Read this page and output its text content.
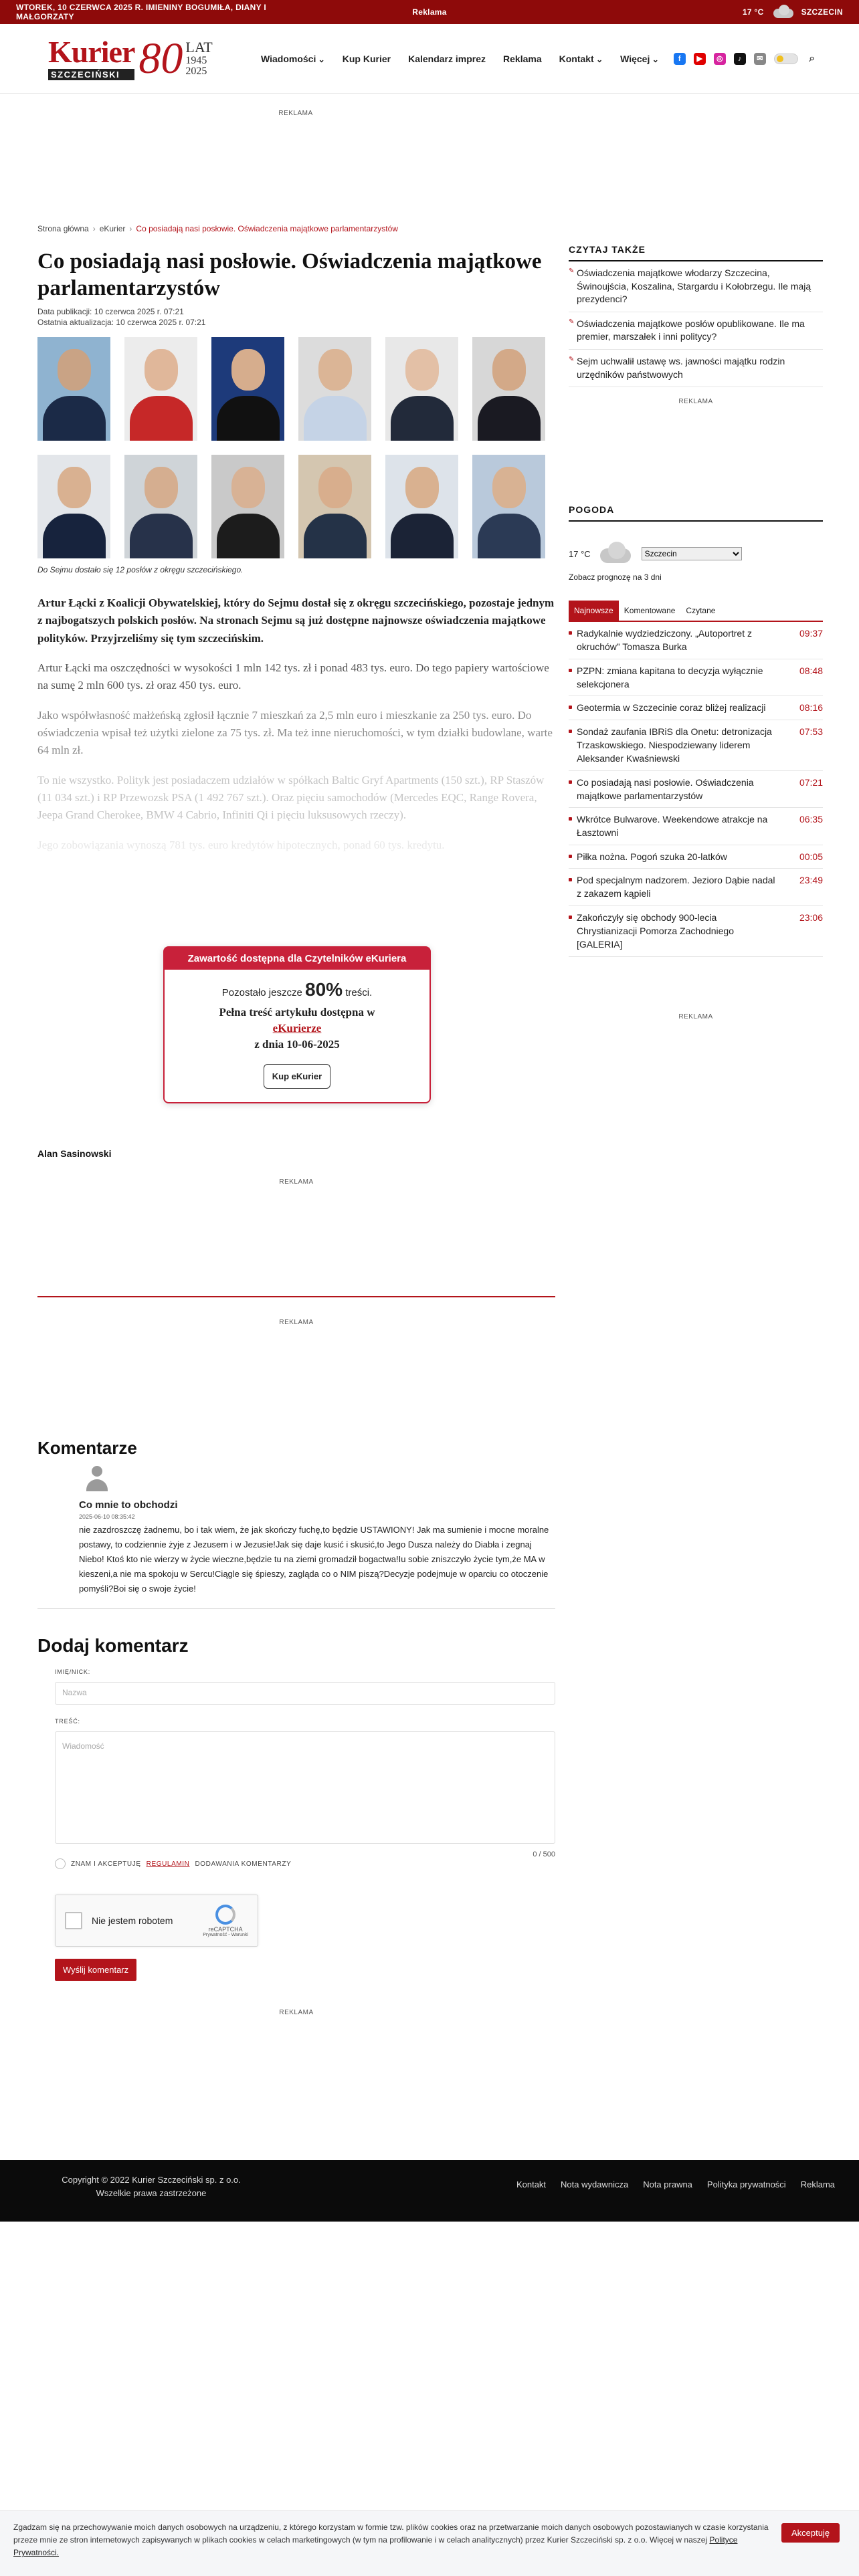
WTOREK, 10 CZERWCA 2025 R. IMIENINY BOGUMIŁA, DIANY I MAŁGORZATY	Reklama	17 °C	SZCZECIN
Kurier
SZCZECIŃSKI 80 LAT
1945
2025
Wiadomości ⌄	Kup Kurier Kalendarz imprez Reklama Kontakt ⌄	Więcej ⌄	f	▶	◎	♪	✉	⌕
REKLAMA
Strona główna › eKurier › Co posiadają nasi posłowie. Oświadczenia majątkowe parlamentarzystów
Co posiadają nasi posłowie. Oświadczenia majątkowe parlamentarzystów
Data publikacji: 10 czerwca 2025 r. 07:21
Ostatnia aktualizacja: 10 czerwca 2025 r. 07:21
Do Sejmu dostało się 12 posłów z okręgu szczecińskiego.

Artur Łącki z Koalicji Obywatelskiej, który do Sejmu dostał się z okręgu szczecińskiego, pozostaje jednym z najbogatszych polskich posłów. Na stronach Sejmu są już dostępne najnowsze oświadczenia majątkowe polityków. Przyjrzeliśmy się tym szczecińskim.

Artur Łącki ma oszczędności w wysokości 1 mln 142 tys. zł i ponad 483 tys. euro. Do tego papiery wartościowe na sumę 2 mln 600 tys. zł oraz 450 tys. euro.

Jako współwłasność małżeńską zgłosił łącznie 7 mieszkań za 2,5 mln euro i mieszkanie za 250 tys. euro. Do oświadczenia wpisał też użytki zielone za 75 tys. zł. Ma też inne nieruchomości, w tym działki budowlane, warte 64 mln zł.

To nie wszystko. Polityk jest posiadaczem udziałów w spółkach Baltic Gryf Apartments (150 szt.), RP Staszów (11 034 szt.) i RP Przewozsk PSA (1 492 767 szt.). Oraz pięciu samochodów (Mercedes EQC, Range Rovera, Jeepa Grand Cherokee, BMW 4 Cabrio, Infiniti Qi i pięciu luksusowych rzeczy).

Jego zobowiązania wynoszą 781 tys. euro kredytów hipotecznych, ponad 60 tys. kredytu.

Zawartość dostępna dla Czytelników eKuriera
Pozostało jeszcze 80% treści.
Pełna treść artykułu dostępna w
eKurierze
z dnia 10-06-2025
Kup eKurier
Alan Sasinowski
REKLAMA
REKLAMA
Komentarze
Co mnie to obchodzi
2025-06-10 08:35:42
nie zazdroszczę żadnemu, bo i tak wiem, że jak skończy fuchę,to będzie USTAWIONY! Jak ma sumienie i mocne moralne postawy, to codziennie żyje z Jezusem i w Jezusie!Jak się daje kusić i skusić,to Jego Dusza należy do Diabła i zegnaj Niebo! Ktoś kto nie wierzy w życie wieczne,będzie tu na ziemi gromadził bogactwa!Iu sobie zniszczyło życie tym,że MA w kieszeni,a nie ma spokoju w Sercu!Ciągle się śpieszy, zagląda co o NIM piszą?Decyzje podejmuje w oparciu co otoczenie pomyśli?Boi się o swoje życie!
Dodaj komentarz
IMIĘ/NICK:
Nazwa
TREŚĆ:
Wiadomość
0 / 500
ZNAM I AKCEPTUJĘ REGULAMIN DODAWANIA KOMENTARZY
Nie jestem robotem
reCAPTCHA
Prywatność - Warunki
Wyślij komentarz
REKLAMA
CZYTAJ TAKŻE
✎ Oświadczenia majątkowe włodarzy Szczecina, Świnoujścia, Koszalina, Stargardu i Kołobrzegu. Ile mają prezydenci?
✎ Oświadczenia majątkowe posłów opublikowane. Ile ma premier, marszałek i inni politycy?
✎ Sejm uchwalił ustawę ws. jawności majątku rodzin urzędników państwowych
REKLAMA
POGODA
17 °C
Szczecin
Zobacz prognozę na 3 dni
Najnowsze	Komentowane	Czytane
Radykalnie wydziedziczony. „Autoportret z okruchów” Tomasza Burka
09:37
PZPN: zmiana kapitana to decyzja wyłącznie selekcjonera
08:48
Geotermia w Szczecinie coraz bliżej realizacji	08:16
Sondaż zaufania IBRiS dla Onetu: detronizacja Trzaskowskiego. Niespodziewany liderem Aleksander Kwaśniewski
07:53
Co posiadają nasi posłowie. Oświadczenia majątkowe parlamentarzystów
07:21
Wkrótce Bulwarove. Weekendowe atrakcje na Łasztowni
06:35
Piłka nożna. Pogoń szuka 20-latków	00:05
Pod specjalnym nadzorem. Jezioro Dąbie nadal z zakazem kąpieli
23:49
Zakończyły się obchody 900-lecia Chrystianizacji Pomorza Zachodniego [GALERIA]
23:06
REKLAMA
Copyright © 2022 Kurier Szczeciński sp. z o.o.
Wszelkie prawa zastrzeżone
Kontakt Nota wydawnicza Nota prawna Polityka prywatności Reklama
Zgadzam się na przechowywanie moich danych osobowych na urządzeniu, z którego korzystam w formie tzw. plików cookies oraz na przetwarzanie moich danych osobowych pozostawianych w czasie korzystania przeze mnie ze stron internetowych zapisywanych w plikach cookies w celach marketingowych (w tym na profilowanie i w celach analitycznych) przez Kurier Szczeciński sp. z o.o. Więcej w naszej Polityce Prywatności.
Akceptuję
